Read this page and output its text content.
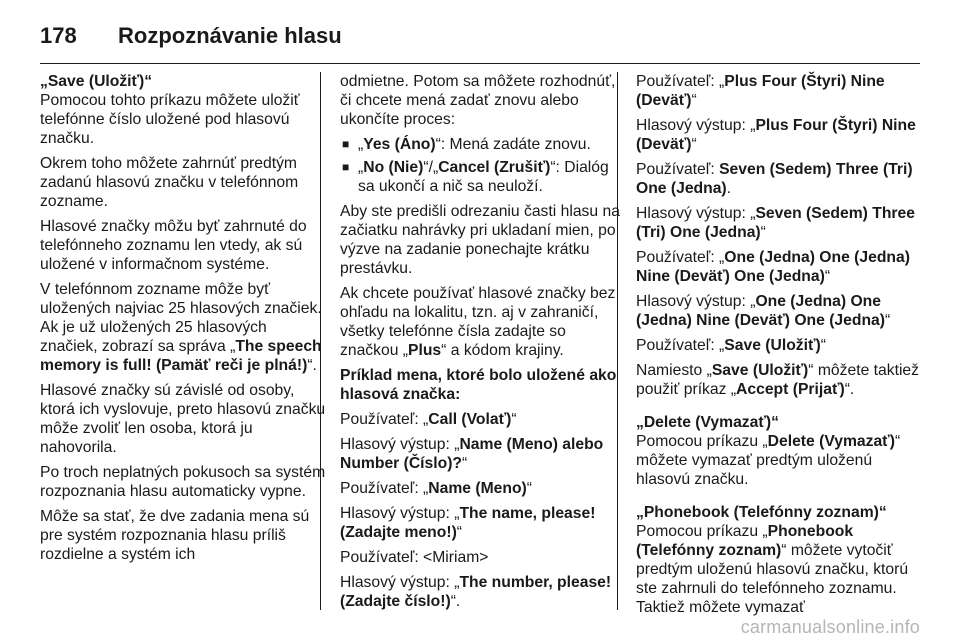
178	Rozpoznávanie hlasu

„Save (Uložiť)“

Pomocou tohto príkazu môžete uložiť telefónne číslo uložené pod hlasovú značku.

Okrem toho môžete zahrnúť predtým zadanú hlasovú značku v telefónnom zozname.

Hlasové značky môžu byť zahrnuté do telefónneho zoznamu len vtedy, ak sú uložené v informačnom systéme.

V telefónnom zozname môže byť uložených najviac 25 hlasových značiek. Ak je už uložených 25 hlasových značiek, zobrazí sa správa „The speech memory is full! (Pamäť reči je plná!)“.

Hlasové značky sú závislé od osoby, ktorá ich vyslovuje, preto hlasovú značku môže zvoliť len osoba, ktorá ju nahovorila.

Po troch neplatných pokusoch sa systém rozpoznania hlasu automaticky vypne.

Môže sa stať, že dve zadania mena sú pre systém rozpoznania hlasu príliš rozdielne a systém ich

odmietne. Potom sa môžete rozhodnúť, či chcete mená zadať znovu alebo ukončíte proces:

■ „Yes (Áno)“: Mená zadáte znovu.
■ „No (Nie)“/„Cancel (Zrušiť)“: Dialóg sa ukončí a nič sa neuloží.

Aby ste predišli odrezaniu časti hlasu na začiatku nahrávky pri ukladaní mien, po výzve na zadanie ponechajte krátku prestávku.

Ak chcete používať hlasové značky bez ohľadu na lokalitu, tzn. aj v zahraničí, všetky telefónne čísla zadajte so značkou „Plus“ a kódom krajiny.

Príklad mena, ktoré bolo uložené ako hlasová značka:

Používateľ: „Call (Volať)“

Hlasový výstup: „Name (Meno) alebo Number (Číslo)?“

Používateľ: „Name (Meno)“

Hlasový výstup: „The name, please! (Zadajte meno!)“

Používateľ: <Miriam>

Hlasový výstup: „The number, please! (Zadajte číslo!)“.

Používateľ: „Plus Four (Štyri) Nine (Deväť)“

Hlasový výstup: „Plus Four (Štyri) Nine (Deväť)“

Používateľ: Seven (Sedem) Three (Tri) One (Jedna).

Hlasový výstup: „Seven (Sedem) Three (Tri) One (Jedna)“

Používateľ: „One (Jedna) One (Jedna) Nine (Deväť) One (Jedna)“

Hlasový výstup: „One (Jedna) One (Jedna) Nine (Deväť) One (Jedna)“

Používateľ: „Save (Uložiť)“

Namiesto „Save (Uložiť)“ môžete taktiež použiť príkaz „Accept (Prijať)“.

„Delete (Vymazať)“

Pomocou príkazu „Delete (Vymazať)“ môžete vymazať predtým uloženú hlasovú značku.

„Phonebook (Telefónny zoznam)“

Pomocou príkazu „Phonebook (Telefónny zoznam)“ môžete vytočiť predtým uloženú hlasovú značku, ktorú ste zahrnuli do telefónneho zoznamu. Taktiež môžete vymazať

carmanualsonline.info
